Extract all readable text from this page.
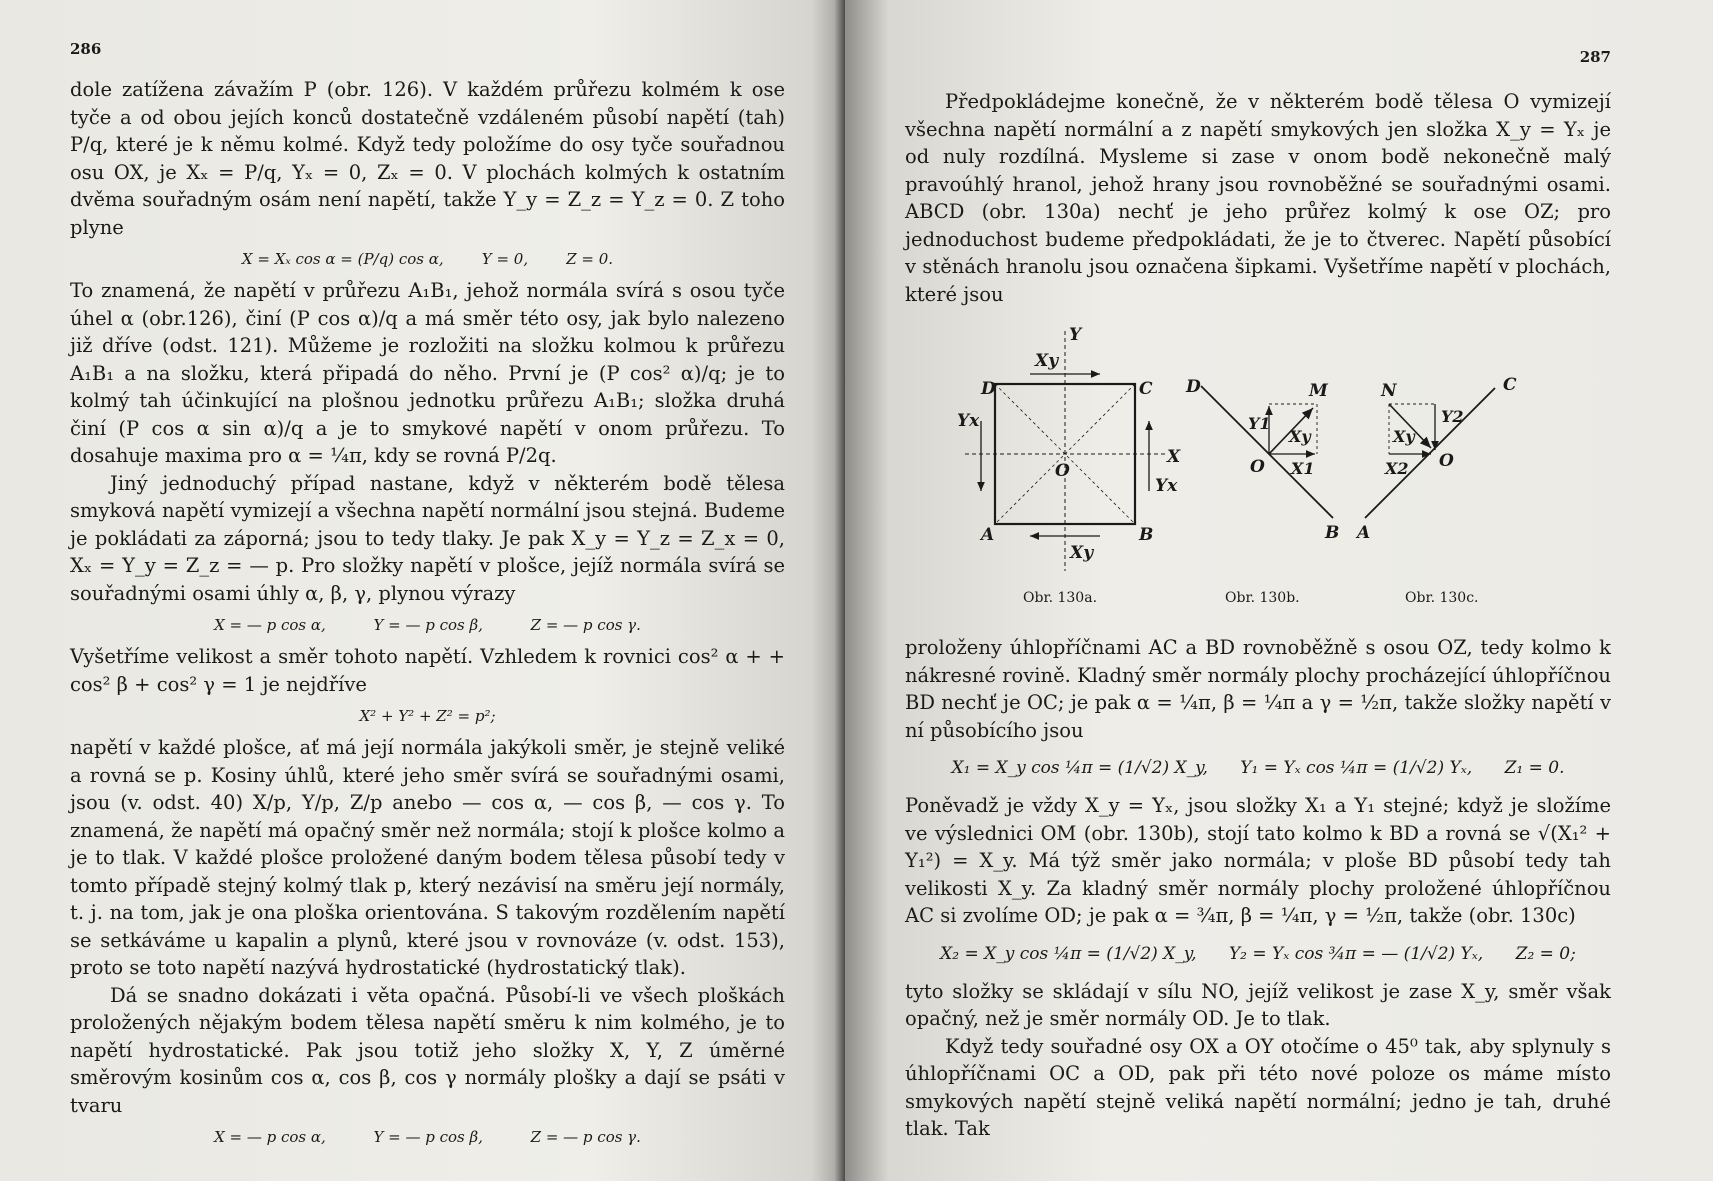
286

dole zatížena závažím P (obr. 126). V každém průřezu kolmém k ose tyče a od obou jejích konců dostatečně vzdáleném působí napětí (tah) P/q, které je k němu kolmé. Když tedy položíme do osy tyče souřadnou osu OX, je Xₓ = P/q, Yₓ = 0, Zₓ = 0. V plochách kolmých k ostatním dvěma souřadným osám není napětí, takže Y_y = Z_z = Y_z = 0. Z toho plyne

X = Xₓ cos α = (P/q) cos α,        Y = 0,        Z = 0.

To znamená, že napětí v průřezu A₁B₁, jehož normála svírá s osou tyče úhel α (obr.126), činí (P cos α)/q a má směr této osy, jak bylo nalezeno již dříve (odst. 121). Můžeme je rozložiti na složku kolmou k průřezu A₁B₁ a na složku, která připadá do něho. První je (P cos² α)/q; je to kolmý tah účinkující na plošnou jednotku průřezu A₁B₁; složka druhá činí (P cos α sin α)/q a je to smykové napětí v onom průřezu. To dosahuje maxima pro α = ¼π, kdy se rovná P/2q.

Jiný jednoduchý případ nastane, když v některém bodě tělesa smyková napětí vymizejí a všechna napětí normální jsou stejná. Budeme je pokládati za záporná; jsou to tedy tlaky. Je pak X_y = Y_z = Z_x = 0, Xₓ = Y_y = Z_z = — p. Pro složky napětí v plošce, jejíž normála svírá se souřadnými osami úhly α, β, γ, plynou výrazy

X = — p cos α,          Y = — p cos β,          Z = — p cos γ.

Vyšetříme velikost a směr tohoto napětí. Vzhledem k rovnici cos² α + + cos² β + cos² γ = 1 je nejdříve

X² + Y² + Z² = p²;

napětí v každé plošce, ať má její normála jakýkoli směr, je stejně veliké a rovná se p. Kosiny úhlů, které jeho směr svírá se souřadnými osami, jsou (v. odst. 40) X/p, Y/p, Z/p anebo — cos α, — cos β, — cos γ. To znamená, že napětí má opačný směr než normála; stojí k plošce kolmo a je to tlak. V každé plošce proložené daným bodem tělesa působí tedy v tomto případě stejný kolmý tlak p, který nezávisí na směru její normály, t. j. na tom, jak je ona ploška orientována. S takovým rozdělením napětí se setkáváme u kapalin a plynů, které jsou v rovnováze (v. odst. 153), proto se toto napětí nazývá hydrostatické (hydrostatický tlak).

Dá se snadno dokázati i věta opačná. Působí-li ve všech ploškách proložených nějakým bodem tělesa napětí směru k nim kolmého, je to napětí hydrostatické. Pak jsou totiž jeho složky X, Y, Z úměrné směrovým kosinům cos α, cos β, cos γ normály plošky a dají se psáti v tvaru

X = — p cos α,          Y = — p cos β,          Z = — p cos γ.
287

Předpokládejme konečně, že v některém bodě tělesa O vymizejí všechna napětí normální a z napětí smykových jen složka X_y = Yₓ je od nuly rozdílná. Mysleme si zase v onom bodě nekonečně malý pravoúhlý hranol, jehož hrany jsou rovnoběžné se souřadnými osami. ABCD (obr. 130a) nechť je jeho průřez kolmý k ose OZ; pro jednoduchost budeme předpokládati, že je to čtverec. Napětí působící v stěnách hranolu jsou označena šipkami. Vyšetříme napětí v plochách, které jsou

D	C
A	B
O
X
Y
Xy
Xy
Yx
Yx
Obr. 130a.
D	M
Y1
Xy
X1
O
B
Obr. 130b.
N	C
Y2
Xy
X2 O
A
Obr. 130c.

proloženy úhlopříčnami AC a BD rovnoběžně s osou OZ, tedy kolmo k nákresné rovině. Kladný směr normály plochy procházející úhlopříčnou BD nechť je OC; je pak α = ¼π, β = ¼π a γ = ½π, takže složky napětí v ní působícího jsou

X₁ = X_y cos ¼π = (1/√2) X_y,      Y₁ = Yₓ cos ¼π = (1/√2) Yₓ,      Z₁ = 0.

Poněvadž je vždy X_y = Yₓ, jsou složky X₁ a Y₁ stejné; když je složíme ve výslednici OM (obr. 130b), stojí tato kolmo k BD a rovná se √(X₁² + Y₁²) = X_y. Má týž směr jako normála; v ploše BD působí tedy tah velikosti X_y. Za kladný směr normály plochy proložené úhlopříčnou AC si zvolíme OD; je pak α = ¾π, β = ¼π, γ = ½π, takže (obr. 130c)

X₂ = X_y cos ¼π = (1/√2) X_y,      Y₂ = Yₓ cos ¾π = — (1/√2) Yₓ,      Z₂ = 0;

tyto složky se skládají v sílu NO, jejíž velikost je zase X_y, směr však opačný, než je směr normály OD. Je to tlak.

Když tedy souřadné osy OX a OY otočíme o 45⁰ tak, aby splynuly s úhlopříčnami OC a OD, pak při této nové poloze os máme místo smykových napětí stejně veliká napětí normální; jedno je tah, druhé tlak. Tak
